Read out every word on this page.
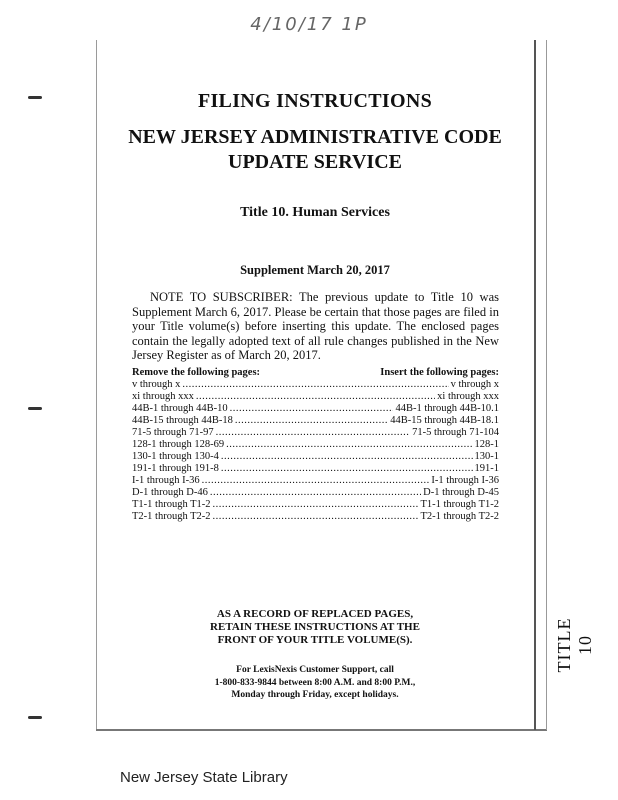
4/10/17 1P
FILING INSTRUCTIONS
NEW JERSEY ADMINISTRATIVE CODE
UPDATE SERVICE
Title 10. Human Services
Supplement March 20, 2017
NOTE TO SUBSCRIBER: The previous update to Title 10 was Supplement March 6, 2017. Please be certain that those pages are filed in your Title volume(s) before inserting this update. The enclosed pages contain the legally adopted text of all rule changes published in the New Jersey Register as of March 20, 2017.
Remove the following pages:	Insert the following pages:
v through x .....	v through x
xi through xxx .....	xi through xxx
44B-1 through 44B-10 .....	44B-1 through 44B-10.1
44B-15 through 44B-18 .....	44B-15 through 44B-18.1
71-5 through 71-97 .....	71-5 through 71-104
128-1 through 128-69 .....	128-1
130-1 through 130-4 .....	130-1
191-1 through 191-8 .....	191-1
I-1 through I-36 .....	I-1 through I-36
D-1 through D-46 .....	D-1 through D-45
T1-1 through T1-2 .....	T1-1 through T1-2
T2-1 through T2-2 .....	T2-1 through T2-2
AS A RECORD OF REPLACED PAGES,
RETAIN THESE INSTRUCTIONS AT THE
FRONT OF YOUR TITLE VOLUME(S).
For LexisNexis Customer Support, call
1-800-833-9844 between 8:00 A.M. and 8:00 P.M.,
Monday through Friday, except holidays.
TITLE 10
New Jersey State Library
